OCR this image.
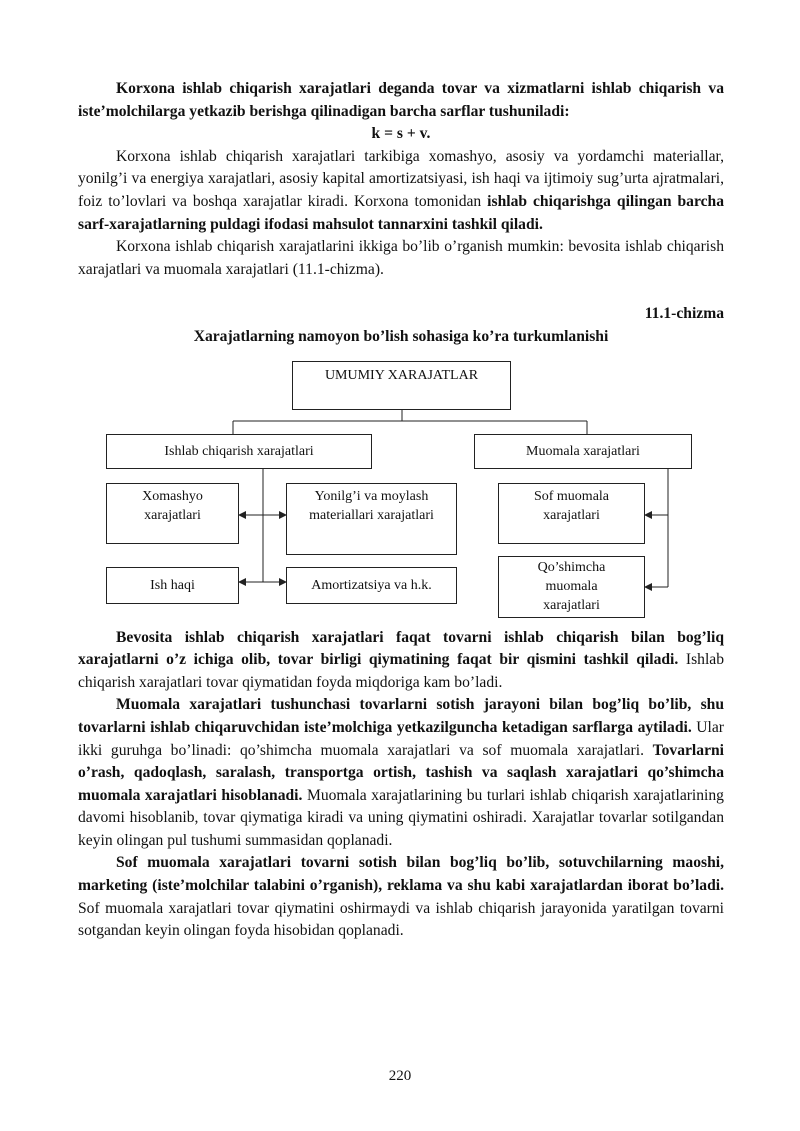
Korxona ishlab chiqarish xarajatlari deganda tovar va xizmatlarni ishlab chiqarish va iste’molchilarga yetkazib berishga qilinadigan barcha sarflar tushuniladi:

k = s + v.

Korxona ishlab chiqarish xarajatlari tarkibiga xomashyo, asosiy va yordamchi materiallar, yonilg’i va energiya xarajatlari, asosiy kapital amortizatsiyasi, ish haqi va ijtimoiy sug’urta ajratmalari, foiz to’lovlari va boshqa xarajatlar kiradi. Korxona tomonidan ishlab chiqarishga qilingan barcha sarf-xarajatlarning puldagi ifodasi mahsulot tannarxini tashkil qiladi.

Korxona ishlab chiqarish xarajatlarini ikkiga bo’lib o’rganish mumkin: bevosita ishlab chiqarish xarajatlari va muomala xarajatlari (11.1-chizma).

11.1-chizma

Xarajatlarning namoyon bo’lish sohasiga ko’ra turkumlanishi

UMUMIY XARAJATLAR
Ishlab chiqarish xarajatlari	Muomala xarajatlari
Xomashyo
xarajatlari
Yonilg’i va moylash
materiallari xarajatlari
Ish haqi	Amortizatsiya va h.k.
Sof muomala
xarajatlari
Qo’shimcha
muomala
xarajatlari

Bevosita ishlab chiqarish xarajatlari faqat tovarni ishlab chiqarish bilan bog’liq xarajatlarni o’z ichiga olib, tovar birligi qiymatining faqat bir qismini tashkil qiladi. Ishlab chiqarish xarajatlari tovar qiymatidan foyda miqdoriga kam bo’ladi.

Muomala xarajatlari tushunchasi tovarlarni sotish jarayoni bilan bog’liq bo’lib, shu tovarlarni ishlab chiqaruvchidan iste’molchiga yetkazilguncha ketadigan sarflarga aytiladi. Ular ikki guruhga bo’linadi: qo’shimcha muomala xarajatlari va sof muomala xarajatlari. Tovarlarni o’rash, qadoqlash, saralash, transportga ortish, tashish va saqlash xarajatlari qo’shimcha muomala xarajatlari hisoblanadi. Muomala xarajatlarining bu turlari ishlab chiqarish xarajatlarining davomi hisoblanib, tovar qiymatiga kiradi va uning qiymatini oshiradi. Xarajatlar tovarlar sotilgandan keyin olingan pul tushumi summasidan qoplanadi.

Sof muomala xarajatlari tovarni sotish bilan bog’liq bo’lib, sotuvchilarning maoshi, marketing (iste’molchilar talabini o’rganish), reklama va shu kabi xarajatlardan iborat bo’ladi. Sof muomala xarajatlari tovar qiymatini oshirmaydi va ishlab chiqarish jarayonida yaratilgan tovarni sotgandan keyin olingan foyda hisobidan qoplanadi.

220
